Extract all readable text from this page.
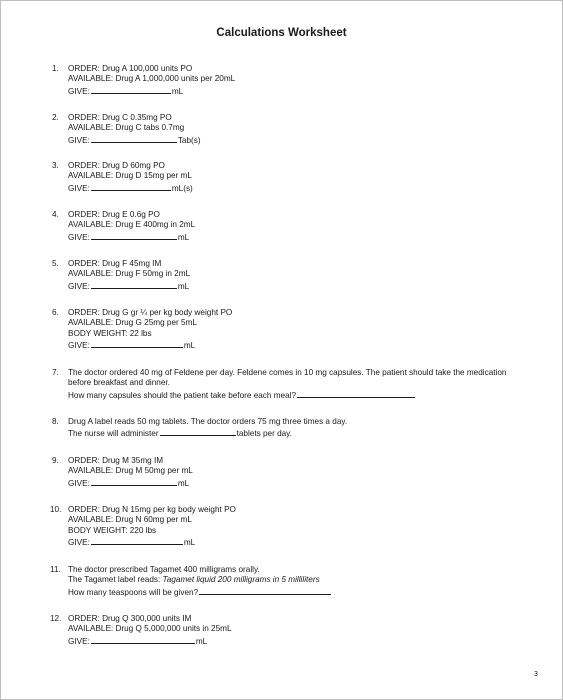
Calculations Worksheet
1.	ORDER: Drug A 100,000 units PO
AVAILABLE: Drug A 1,000,000 units per 20mL
GIVE:	mL
2.	ORDER: Drug C 0.35mg PO
AVAILABLE: Drug C tabs 0.7mg
GIVE:	Tab(s)
3.	ORDER: Drug D 60mg PO
AVAILABLE: Drug D 15mg per mL
GIVE:	mL(s)
4.	ORDER: Drug E 0.6g PO
AVAILABLE: Drug E 400mg in 2mL
GIVE:	mL
5.	ORDER: Drug F 45mg IM
AVAILABLE: Drug F 50mg in 2mL
GIVE:	mL
6.	ORDER: Drug G gr ¼ per kg body weight PO
AVAILABLE: Drug G 25mg per 5mL
BODY WEIGHT: 22 lbs
GIVE:	mL
7.	The doctor ordered 40 mg of Feldene per day. Feldene comes in 10 mg capsules. The patient should take the medication before breakfast and dinner.
How many capsules should the patient take before each meal?
8.	Drug A label reads 50 mg tablets. The doctor orders 75 mg three times a day.
The nurse will administer	tablets per day.
9.	ORDER: Drug M 35mg IM
AVAILABLE: Drug M 50mg per mL
GIVE:	mL
10. ORDER: Drug N 15mg per kg body weight PO
AVAILABLE: Drug N 60mg per mL
BODY WEIGHT: 220 lbs
GIVE:	mL
11. The doctor prescribed Tagamet 400 milligrams orally.
The Tagamet label reads: Tagamet liquid 200 milligrams in 5 milliliters
How many teaspoons will be given?
12. ORDER: Drug Q 300,000 units IM
AVAILABLE: Drug Q 5,000,000 units in 25mL
GIVE:	mL
3
